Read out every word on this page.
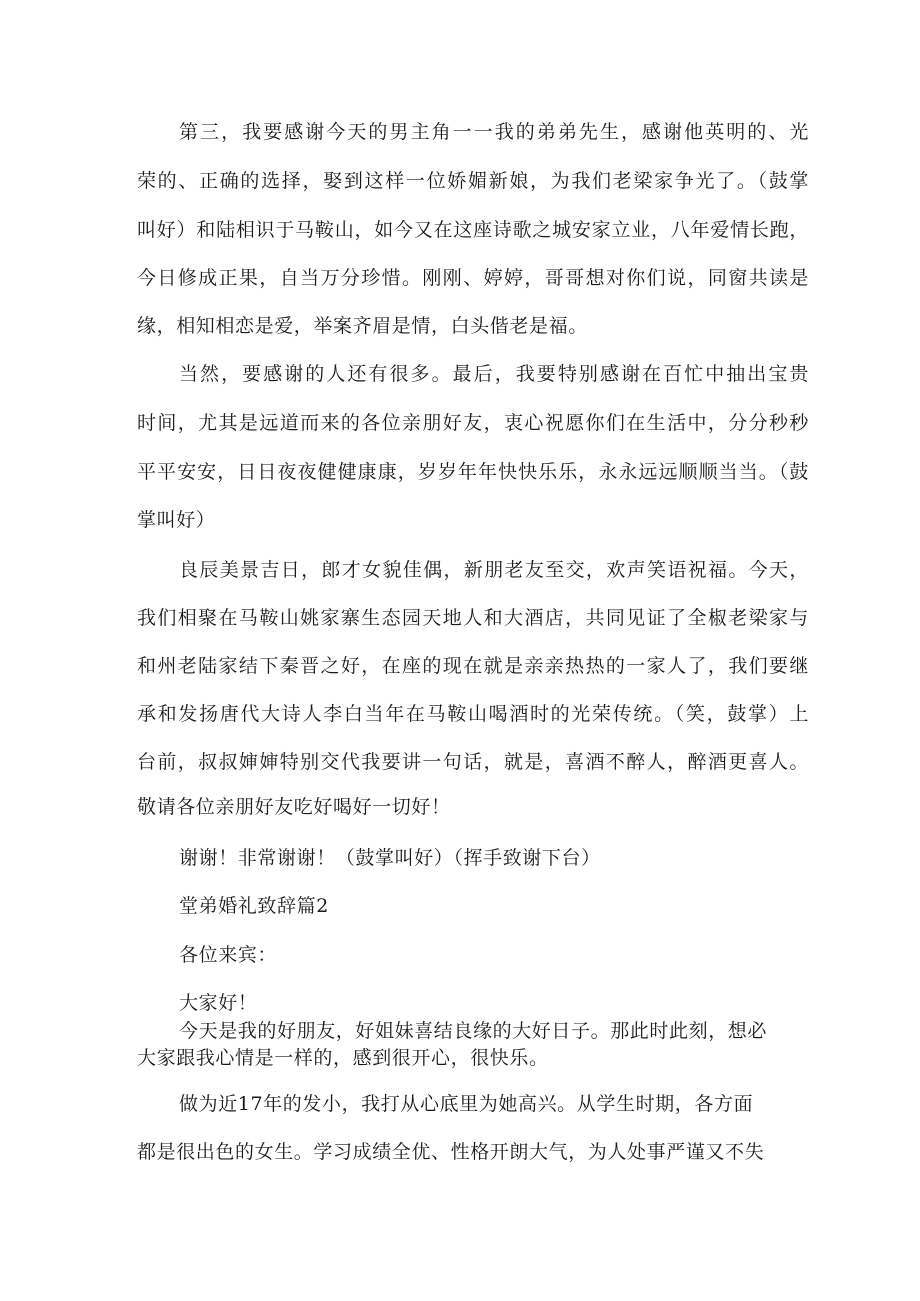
第三，我要感谢今天的男主角一一我的弟弟先生，感谢他英明的、光
荣的、正确的选择，娶到这样一位娇媚新娘，为我们老梁家争光了。（鼓掌
叫好）和陆相识于马鞍山，如今又在这座诗歌之城安家立业，八年爱情长跑，
今日修成正果，自当万分珍惜。刚刚、婷婷，哥哥想对你们说，同窗共读是
缘，相知相恋是爱，举案齐眉是情，白头偕老是福。
当然，要感谢的人还有很多。最后，我要特别感谢在百忙中抽出宝贵
时间，尤其是远道而来的各位亲朋好友，衷心祝愿你们在生活中，分分秒秒
平平安安，日日夜夜健健康康，岁岁年年快快乐乐，永永远远顺顺当当。（鼓
掌叫好）
良辰美景吉日，郎才女貌佳偶，新朋老友至交，欢声笑语祝福。今天，
我们相聚在马鞍山姚家寨生态园天地人和大酒店，共同见证了全椒老梁家与
和州老陆家结下秦晋之好，在座的现在就是亲亲热热的一家人了，我们要继
承和发扬唐代大诗人李白当年在马鞍山喝酒时的光荣传统。（笑，鼓掌）上
台前，叔叔婶婶特别交代我要讲一句话，就是，喜酒不醉人，醉酒更喜人。
敬请各位亲朋好友吃好喝好一切好！
谢谢！非常谢谢！（鼓掌叫好）（挥手致谢下台）
堂弟婚礼致辞篇2
各位来宾：
大家好！
今天是我的好朋友，好姐妹喜结良缘的大好日子。那此时此刻，想必
大家跟我心情是一样的，感到很开心，很快乐。
做为近17年的发小，我打从心底里为她高兴。从学生时期，各方面
都是很出色的女生。学习成绩全优、性格开朗大气，为人处事严谨又不失
